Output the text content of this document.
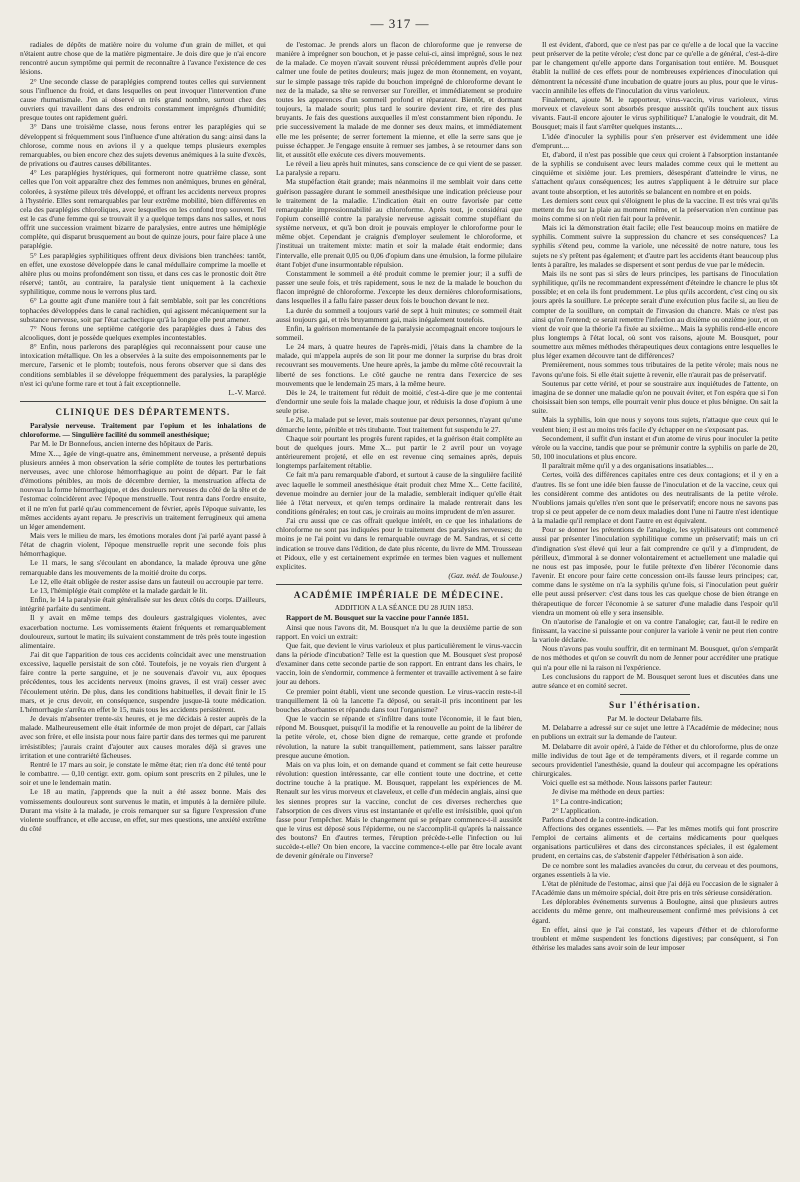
— 317 —

radiales de dépôts de matière noire du volume d'un grain de millet, et qui n'étaient autre chose que de la matière pigmentaire. Je dois dire que je n'ai encore rencontré aucun symptôme qui permit de reconnaître à l'avance l'existence de ces lésions.

2° Une seconde classe de paraplégies comprend toutes celles qui surviennent sous l'influence du froid, et dans lesquelles on peut invoquer l'intervention d'une cause rhumatismale. J'en ai observé un très grand nombre, surtout chez des ouvriers qui travaillent dans des endroits constamment imprégnés d'humidité; presque toutes ont rapidement guéri.

3° Dans une troisième classe, nous ferons entrer les paraplégies qui se développent si fréquemment sous l'influence d'une altération du sang: ainsi dans la chlorose, comme nous en avions il y a quelque temps plusieurs exemples remarquables, ou bien encore chez des sujets devenus anémiques à la suite d'excès, de privations ou d'autres causes débilitantes.

4° Les paraplégies hystériques, qui formeront notre quatrième classe, sont celles que l'on voit apparaître chez des femmes non anémiques, brunes en général, colorées, à système pileux très développé, et offrant les accidents nerveux propres à l'hystérie. Elles sont remarquables par leur extrême mobilité, bien différentes en cela des paraplégies chloroliques, avec lesquelles on les confond trop souvent. Tel est le cas d'une femme qui se trouvait il y a quelque temps dans nos salles, et nous offrit une succession vraiment bizarre de paralysies, entre autres une hémiplégie complète, qui disparut brusquement au bout de quinze jours, pour faire place à une paraplégie.

5° Les paraplégies syphilitiques offrent deux divisions bien tranchées: tantôt, en effet, une exostose développée dans le canal médullaire comprime la moelle et altère plus ou moins profondément son tissu, et dans ces cas le pronostic doit être réservé; tantôt, au contraire, la paralysie tient uniquement à la cachexie syphilitique, comme nous le verrons plus tard.

6° La goutte agit d'une manière tout à fait semblable, soit par les concrétions tophacées développées dans le canal rachidien, qui agissent mécaniquement sur la substance nerveuse, soit par l'état cachectique qu'à la longue elle peut amener.

7° Nous ferons une septième catégorie des paraplégies dues à l'abus des alcooliques, dont je possède quelques exemples incontestables.

8° Enfin, nous parlerons des paraplégies qui reconnaissent pour cause une intoxication métallique. On les a observées à la suite des empoisonnements par le mercure, l'arsenic et le plomb; toutefois, nous ferons observer que si dans des conditions semblables il se développe fréquemment des paralysies, la paraplégie n'est ici qu'une forme rare et tout à fait exceptionnelle.

L.-V. Marcé.

CLINIQUE DES DÉPARTEMENTS.

Paralysie nerveuse. Traitement par l'opium et les inhalations de chloroforme. — Singulière facilité du sommeil anesthésique;

Par M. le Dr Bonnefous, ancien interne des hôpitaux de Paris.

Mme X..., âgée de vingt-quatre ans, éminemment nerveuse, a présenté depuis plusieurs années à mon observation la série complète de toutes les perturbations nerveuses, avec une chlorose hémorrhagique au point de départ. Par le fait d'émotions pénibles, au mois de décembre dernier, la menstruation affecta de nouveau la forme hémorrhagique, et des douleurs nerveuses du côté de la tête et de l'estomac coïncidèrent avec l'époque menstruelle. Tout rentra dans l'ordre ensuite, et il ne m'en fut parlé qu'au commencement de février, après l'époque suivante, les mêmes accidents ayant reparu. Je prescrivis un traitement ferrugineux qui amena un léger amendement.

Mais vers le milieu de mars, les émotions morales dont j'ai parlé ayant passé à l'état de chagrin violent, l'époque menstruelle reprit une seconde fois plus hémorrhagique.

Le 11 mars, le sang s'écoulant en abondance, la malade éprouva une gêne remarquable dans les mouvements de la moitié droite du corps.

Le 12, elle était obligée de rester assise dans un fauteuil ou accroupie par terre.

Le 13, l'hémiplégie était complète et la malade gardait le lit.

Enfin, le 14 la paralysie était généralisée sur les deux côtés du corps. D'ailleurs, intégrité parfaite du sentiment.

Il y avait en même temps des douleurs gastralgiques violentes, avec exacerbation nocturne. Les vomissements étaient fréquents et remarquablement douloureux, surtout le matin; ils suivaient constamment de très près toute ingestion alimentaire.

J'ai dit que l'apparition de tous ces accidents coïncidait avec une menstruation excessive, laquelle persistait de son côté. Toutefois, je ne voyais rien d'urgent à faire contre la perte sanguine, et je ne souvenais d'avoir vu, aux époques précédentes, tous les accidents nerveux (moins graves, il est vrai) cesser avec l'écoulement utérin. De plus, dans les conditions habituelles, il devait finir le 15 mars, et je crus devoir, en conséquence, suspendre jusque-là toute médication. L'hémorrhagie s'arrêta en effet le 15, mais tous les accidents persistèrent.

Je devais m'absenter trente-six heures, et je me décidais à rester auprès de la malade. Malheureusement elle était informée de mon projet de départ, car j'allais avec son frère, et elle insista pour nous faire partir dans des termes qui me parurent irrésistibles; j'aurais craint d'ajouter aux causes morales déjà si graves une irritation et une contrariété fâcheuses.

Rentré le 17 mars au soir, je constate le même état; rien n'a donc été tenté pour le combattre. — 0,10 centigr. extr. gom. opium sont prescrits en 2 pilules, une le soir et une le lendemain matin.

Le 18 au matin, j'apprends que la nuit a été assez bonne. Mais des vomissements douloureux sont survenus le matin, et imputés à la dernière pilule. Durant ma visite à la malade, je crois remarquer sur sa figure l'expression d'une violente souffrance, et elle accuse, en effet, sur mes questions, une anxiété extrême du côté

de l'estomac. Je prends alors un flacon de chloroforme que je renverse de manière à imprégner son bouchon, et je passe celui-ci, ainsi imprégné, sous le nez de la malade. Ce moyen n'avait souvent réussi précédemment auprès d'elle pour calmer une foule de petites douleurs; mais jugez de mon étonnement, en voyant, sur le simple passage très rapide du bouchon imprégné de chloroforme devant le nez de la malade, sa tête se renverser sur l'oreiller, et immédiatement se produire toutes les apparences d'un sommeil profond et réparateur. Bientôt, et dormant toujours, la malade sourit; plus tard le sourire devient rire, et rire des plus bruyants. Je fais des questions auxquelles il m'est constamment bien répondu. Je prie successivement la malade de me donner ses deux mains, et immédiatement elle me les présente; de serrer fortement la mienne, et elle la serre sans que je puisse échapper. Je l'engage ensuite à remuer ses jambes, à se retourner dans son lit, et aussitôt elle exécute ces divers mouvements.

Le réveil a lieu après huit minutes, sans conscience de ce qui vient de se passer. La paralysie a reparu.

Ma stupéfaction était grande; mais néanmoins il me semblait voir dans cette guérison passagère durant le sommeil anesthésique une indication précieuse pour le traitement de la maladie. L'indication était en outre favorisée par cette remarquable impressionnabilité au chloroforme. Après tout, je considérai que l'opium conseillé contre la paralysie nerveuse agissait comme stupéfiant du système nerveux, et qu'à bon droit je pouvais employer le chloroforme pour le même objet. Cependant je craignis d'employer seulement le chloroforme, et j'instituai un traitement mixte: matin et soir la malade était endormie; dans l'intervalle, elle prenait 0,05 ou 0,06 d'opium dans une émulsion, la forme pilulaire étant l'objet d'une insurmontable répulsion.

Constamment le sommeil a été produit comme le premier jour; il a suffi de passer une seule fois, et très rapidement, sous le nez de la malade le bouchon du flacon imprégné de chloroforme. J'excepte les deux dernières chloroformisations, dans lesquelles il a fallu faire passer deux fois le bouchon devant le nez.

La durée du sommeil a toujours varié de sept à huit minutes; ce sommeil était aussi toujours gai, et très bruyamment gai, mais inégalement toutefois.

Enfin, la guérison momentanée de la paralysie accompagnait encore toujours le sommeil.

Le 24 mars, à quatre heures de l'après-midi, j'étais dans la chambre de la malade, qui m'appela auprès de son lit pour me donner la surprise du bras droit recouvrant ses mouvements. Une heure après, la jambe du même côté recouvrait la liberté de ses fonctions. Le côté gauche ne rentra dans l'exercice de ses mouvements que le lendemain 25 mars, à la même heure.

Dès le 24, le traitement fut réduit de moitié, c'est-à-dire que je me contentai d'endormir une seule fois la malade chaque jour, et réduisis la dose d'opium à une seule prise.

Le 26, la malade put se lever, mais soutenue par deux personnes, n'ayant qu'une démarche lente, pénible et très titubante. Tout traitement fut suspendu le 27.

Chaque soir pourtant les progrès furent rapides, et la guérison était complète au bout de quelques jours. Mme X... put partir le 2 avril pour un voyage antérieurement projeté, et elle en est revenue cinq semaines après, depuis longtemps parfaitement rétablie.

Ce fait m'a paru remarquable d'abord, et surtout à cause de la singulière facilité avec laquelle le sommeil anesthésique était produit chez Mme X... Cette facilité, devenue moindre au dernier jour de la maladie, semblerait indiquer qu'elle était liée à l'état nerveux, et qu'en temps ordinaire la malade rentrerait dans les conditions générales; en tout cas, je croirais au moins imprudent de m'en assurer.

J'ai cru aussi que ce cas offrait quelque intérêt, en ce que les inhalations de chloroforme ne sont pas indiquées pour le traitement des paralysies nerveuses; du moins je ne l'ai point vu dans le remarquable ouvrage de M. Sandras, et si cette indication se trouve dans l'édition, de date plus récente, du livre de MM. Trousseau et Pidoux, elle y est certainement exprimée en termes bien vagues et nullement explicites.

(Gaz. méd. de Toulouse.)

ACADÉMIE IMPÉRIALE DE MÉDECINE.

ADDITION A LA SÉANCE DU 28 JUIN 1853.

Rapport de M. Bousquet sur la vaccine pour l'année 1851.

Ainsi que nous l'avons dit, M. Bousquet n'a lu que la deuxième partie de son rapport. En voici un extrait:

Que fait, que devient le virus varioleux et plus particulièrement le virus-vaccin dans la période d'incubation? Telle est la question que M. Bousquet s'est proposé d'examiner dans cette seconde partie de son rapport. En entrant dans les chairs, le vaccin, loin de s'endormir, commence à fermenter et travaille activement à se faire jour au dehors.

Ce premier point établi, vient une seconde question. Le virus-vaccin reste-t-il tranquillement là où la lancette l'a déposé, ou serait-il pris incontinent par les bouches absorbantes et répandu dans tout l'organisme?

Que le vaccin se répande et s'infiltre dans toute l'économie, il le faut bien, répond M. Bousquet, puisqu'il la modifie et la renouvelle au point de la libérer de la petite vérole, et, chose bien digne de remarque, cette grande et profonde révolution, la nature la subit tranquillement, patiemment, sans laisser paraître presque aucune émotion.

Mais on va plus loin, et on demande quand et comment se fait cette heureuse révolution: question intéressante, car elle contient toute une doctrine, et cette doctrine touche à la pratique. M. Bousquet, rappelant les expériences de M. Renault sur les virus morveux et claveleux, et celle d'un médecin anglais, ainsi que les siennes propres sur la vaccine, conclut de ces diverses recherches que l'absorption de ces divers virus est instantanée et qu'elle est irrésistible, quoi qu'on fasse pour l'empêcher. Mais le changement qui se prépare commence-t-il aussitôt que le virus est déposé sous l'épiderme, ou ne s'accomplit-il qu'après la naissance des boutons? En d'autres termes, l'éruption précède-t-elle l'infection ou lui succède-t-elle? On bien encore, la vaccine commence-t-elle par être locale avant de devenir générale ou l'inverse?

Il est évident, d'abord, que ce n'est pas par ce qu'elle a de local que la vaccine peut préserver de la petite vérole; c'est donc par ce qu'elle a de général, c'est-à-dire par le changement qu'elle apporte dans l'organisation tout entière. M. Bousquet établit la nullité de ces effets pour de nombreuses expériences d'inoculation qui démontrent la nécessité d'une incubation de quatre jours au plus, pour que le virus-vaccin annihile les effets de l'inoculation du virus varioleux.

Finalement, ajoute M. le rapporteur, virus-vaccin, virus varioleux, virus morveux et claveleux sont absorbés presque aussitôt qu'ils touchent aux tissus vivants. Faut-il encore ajouter le virus syphilitique? L'analogie le voudrait, dit M. Bousquet; mais il faut s'arrêter quelques instants....

L'idée d'inoculer la syphilis pour s'en préserver est évidemment une idée d'emprunt....

Et, d'abord, il n'est pas possible que ceux qui croient à l'absorption instantanée de la syphilis se conduisent avec leurs malades comme ceux qui le mettent au cinquième et sixième jour. Les premiers, désespérant d'atteindre le virus, ne s'attachent qu'aux conséquences; les autres s'appliquent à le détruire sur place avant toute absorption, et les autorités se balancent en nombre et en poids.

Les derniers sont ceux qui s'éloignent le plus de la vaccine. Il est très vrai qu'ils mettent du feu sur la plaie au moment même, et la préservation n'en continue pas moins comme si on n'eût rien fait pour la prévenir.

Mais ici la démonstration était facile; elle l'est beaucoup moins en matière de syphilis. Comment suivre la suppression du chancre et ses conséquences? La syphilis s'étend peu, comme la variole, une nécessité de notre nature, tous les sujets ne s'y prêtent pas également; et d'autre part les accidents étant beaucoup plus lents à paraître, les malades se dispersent et sont perdus de vue par le médecin.

Mais ils ne sont pas si sûrs de leurs principes, les partisans de l'inoculation syphilitique, qu'ils ne recommandent expressément d'éteindre le chancre le plus tôt possible; et en cela ils font prudemment. Le plus qu'ils accordent, c'est cinq ou six jours après la souillure. Le précepte serait d'une exécution plus facile si, au lieu de compter de la souillure, on comptait de l'invasion du chancre. Mais ce n'est pas ainsi qu'on l'entend; ce serait remettre l'infection au dixième ou onzième jour, et on vient de voir que la théorie l'a fixée au sixième... Mais la syphilis rend-elle encore plus longtemps à l'état local, où sont vos raisons, ajoute M. Bousquet, pour soumettre aux mêmes méthodes thérapeutiques deux contagions entre lesquelles le plus léger examen découvre tant de différences?

Premièrement, nous sommes tous tributaires de la petite vérole; mais nous ne l'avons qu'une fois. Si elle était sujette à revenir, elle n'aurait pas de préservatif.

Soutenus par cette vérité, et pour se soustraire aux inquiétudes de l'attente, on imagina de se donner une maladie qu'on ne pouvait éviter, et l'on espéra que si l'on choisissait bien son temps, elle pourrait venir plus douce et plus bénigne. On sait la suite.

Mais la syphilis, loin que nous y soyons tous sujets, n'attaque que ceux qui le veulent bien; il est au moins très facile d'y échapper en ne s'exposant pas.

Secondement, il suffit d'un instant et d'un atome de virus pour inoculer la petite vérole ou la vaccine, tandis que pour se prémunir contre la syphilis on parle de 20, 50, 100 inoculations et plus encore.

Il paraîtrait même qu'il y a des organisations insatiables....

Certes, voilà des différences capitales entre ces deux contagions; et il y en a d'autres. Ils se font une idée bien fausse de l'inoculation et de la vaccine, ceux qui les considèrent comme des antidotes ou des neutralisants de la petite vérole. N'oublions jamais qu'elles n'en sont que le préservatif; encore nous ne savons pas trop si ce peut appeler de ce nom deux maladies dont l'une ni l'autre n'est identique à la maladie qu'il remplace et dont l'autre en est équivalent.

Pour se donner les prétentions de l'analogie, les syphilisateurs ont commencé aussi par présenter l'inoculation syphilitique comme un préservatif; mais un cri d'indignation s'est élevé qui leur a fait comprendre ce qu'il y a d'imprudent, de périlleux, d'immoral à se donner volontairement et actuellement une maladie qui ne nous est pas imposée, pour le futile prétexte d'en libérer l'économie dans l'avenir. Et encore pour faire cette concession ont-ils fausse leurs principes; car, comme dans le système on n'a la syphilis qu'une fois, si l'inoculation peut guérir elle peut aussi préserver: c'est dans tous les cas quelque chose de bien étrange en thérapeutique de forcer l'économie à se saturer d'une maladie dans l'espoir qu'il viendra un moment où elle y sera insensible.

On n'autorise de l'analogie et on va contre l'analogie; car, faut-il le redire en finissant, la vaccine si puissante pour conjurer la variole à venir ne peut rien contre la variole déclarée.

Nous n'avons pas voulu souffrir, dit en terminant M. Bousquet, qu'on s'emparât de nos méthodes et qu'on se couvrît du nom de Jenner pour accréditer une pratique qui n'a pour elle ni la raison ni l'expérience.

Les conclusions du rapport de M. Bousquet seront lues et discutées dans une autre séance et en comité secret.

Sur l'éthérisation.

Par M. le docteur Delabarre fils.

M. Delabarre a adressé sur ce sujet une lettre à l'Académie de médecine; nous en publions un extrait sur la demande de l'auteur.

M. Delabarre dit avoir opéré, à l'aide de l'éther et du chloroforme, plus de onze mille individus de tout âge et de tempéraments divers, et il regarde comme un secours providentiel l'anesthésie, quand la douleur qui accompagne les opérations chirurgicales.

Voici quelle est sa méthode. Nous laissons parler l'auteur:

Je divise ma méthode en deux parties:

1° La contre-indication;

2° L'application.

Parlons d'abord de la contre-indication.

Affections des organes essentiels. — Par les mêmes motifs qui font proscrire l'emploi de certains aliments et de certains médicaments pour quelques organisations particulières et dans des circonstances spéciales, il est également prudent, en certains cas, de s'abstenir d'appeler l'éthérisation à son aide.

De ce nombre sont les maladies avancées du cœur, du cerveau et des poumons, organes essentiels à la vie.

L'état de plénitude de l'estomac, ainsi que j'ai déjà eu l'occasion de le signaler à l'Académie dans un mémoire spécial, doit être pris en très sérieuse considération.

Les déplorables événements survenus à Boulogne, ainsi que plusieurs autres accidents du même genre, ont malheureusement confirmé mes prévisions à cet égard.

En effet, ainsi que je l'ai constaté, les vapeurs d'éther et de chloroforme troublent et même suspendent les fonctions digestives; par conséquent, si l'on éthérise les malades sans avoir soin de leur imposer
